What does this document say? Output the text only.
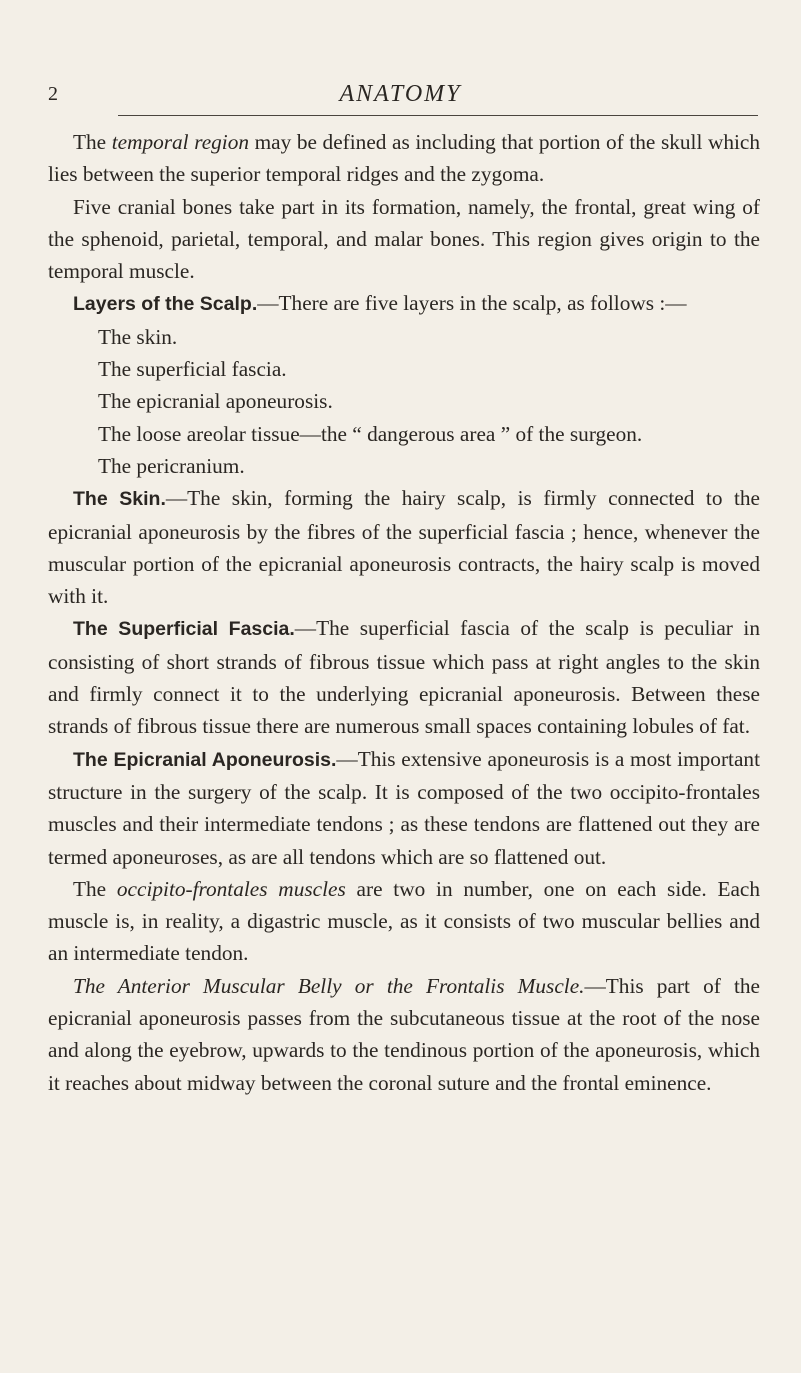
2	ANATOMY

The temporal region may be defined as including that portion of the skull which lies between the superior temporal ridges and the zygoma.

Five cranial bones take part in its formation, namely, the frontal, great wing of the sphenoid, parietal, temporal, and malar bones. This region gives origin to the temporal muscle.

Layers of the Scalp.—There are five layers in the scalp, as follows :—

The skin.
The superficial fascia.
The epicranial aponeurosis.
The loose areolar tissue—the “ dangerous area ” of the surgeon.
The pericranium.

The Skin.—The skin, forming the hairy scalp, is firmly connected to the epicranial aponeurosis by the fibres of the superficial fascia ; hence, whenever the muscular portion of the epicranial aponeurosis contracts, the hairy scalp is moved with it.

The Superficial Fascia.—The superficial fascia of the scalp is peculiar in consisting of short strands of fibrous tissue which pass at right angles to the skin and firmly connect it to the underlying epicranial aponeurosis. Between these strands of fibrous tissue there are numerous small spaces containing lobules of fat.

The Epicranial Aponeurosis.—This extensive aponeurosis is a most important structure in the surgery of the scalp. It is composed of the two occipito-frontales muscles and their intermediate tendons ; as these tendons are flattened out they are termed aponeuroses, as are all tendons which are so flattened out.

The occipito-frontales muscles are two in number, one on each side. Each muscle is, in reality, a digastric muscle, as it consists of two muscular bellies and an intermediate tendon.

The Anterior Muscular Belly or the Frontalis Muscle.—This part of the epicranial aponeurosis passes from the subcutaneous tissue at the root of the nose and along the eyebrow, upwards to the tendinous portion of the aponeurosis, which it reaches about midway between the coronal suture and the frontal eminence.
